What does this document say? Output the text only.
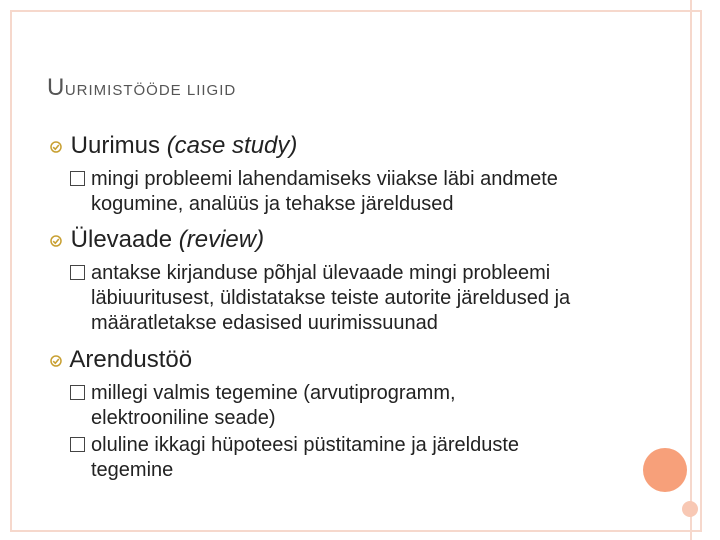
UURIMISTÖÖDE LIIGID
Uurimus (case study)
mingi probleemi lahendamiseks viiakse läbi andmete
kogumine, analüüs ja tehakse järeldused
Ülevaade (review)
antakse kirjanduse põhjal ülevaade mingi probleemi
läbiuuritusest, üldistatakse teiste autorite järeldused ja
määratletakse edasised uurimissuunad
Arendustöö
millegi valmis tegemine (arvutiprogramm,
elektrooniline seade)
oluline ikkagi hüpoteesi püstitamine ja järelduste
tegemine
